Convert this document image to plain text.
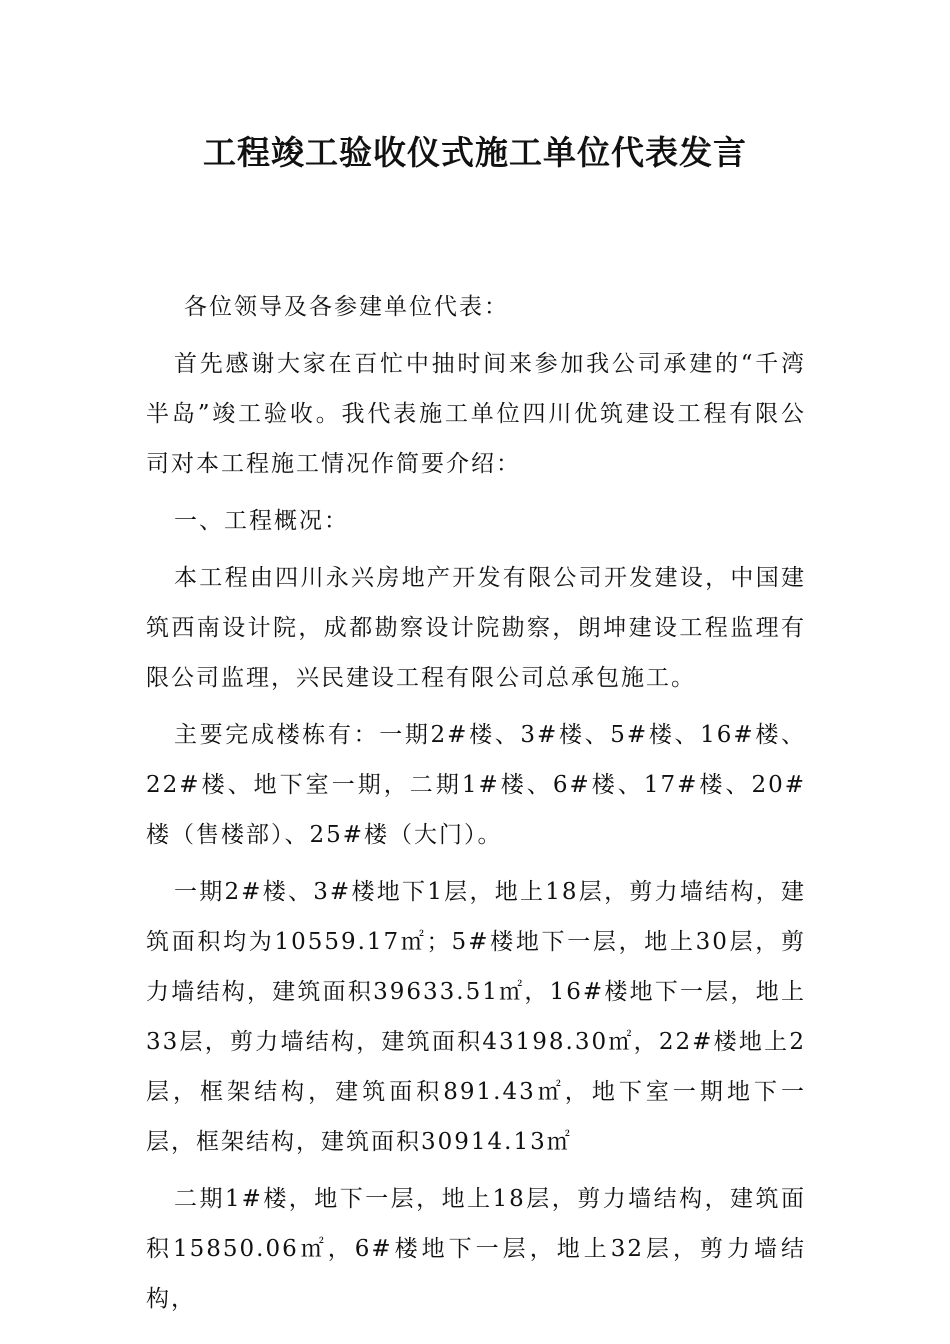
工程竣工验收仪式施工单位代表发言

各位领导及各参建单位代表：

首先感谢大家在百忙中抽时间来参加我公司承建的“千湾半岛”竣工验收。我代表施工单位四川优筑建设工程有限公司对本工程施工情况作简要介绍：

一、工程概况：

本工程由四川永兴房地产开发有限公司开发建设，中国建筑西南设计院，成都勘察设计院勘察，朗坤建设工程监理有限公司监理，兴民建设工程有限公司总承包施工。

主要完成楼栋有：一期2#楼、3#楼、5#楼、16#楼、22#楼、地下室一期，二期1#楼、6#楼、17#楼、20#楼（售楼部）、25#楼（大门）。

一期2#楼、3#楼地下1层，地上18层，剪力墙结构，建筑面积均为10559.17㎡；5#楼地下一层，地上30层，剪力墙结构，建筑面积39633.51㎡，16#楼地下一层，地上33层，剪力墙结构，建筑面积43198.30㎡，22#楼地上2层，框架结构，建筑面积891.43㎡，地下室一期地下一层，框架结构，建筑面积30914.13㎡

二期1#楼，地下一层，地上18层，剪力墙结构，建筑面积15850.06㎡，6#楼地下一层，地上32层，剪力墙结构，
